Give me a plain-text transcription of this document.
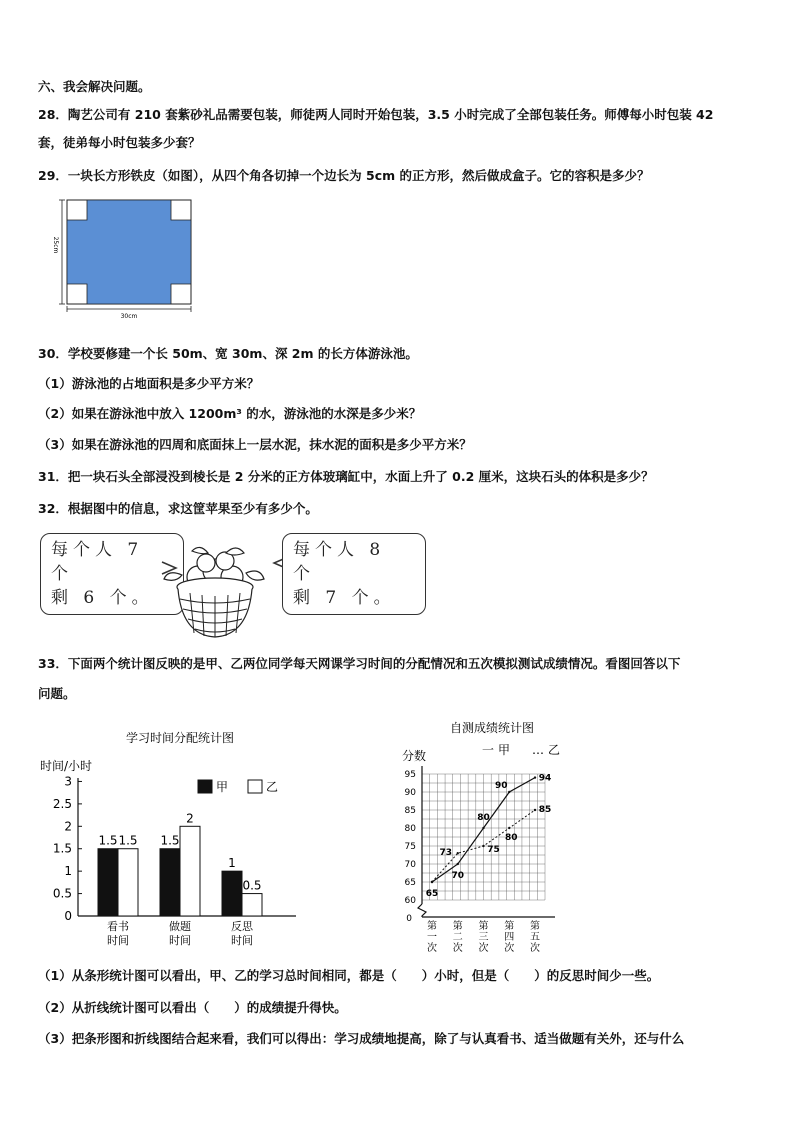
六、我会解决问题。
28．陶艺公司有 210 套紫砂礼品需要包装，师徒两人同时开始包装，3.5 小时完成了全部包装任务。师傅每小时包装 42
套，徒弟每小时包装多少套？
29．一块长方形铁皮（如图），从四个角各切掉一个边长为 5cm 的正方形，然后做成盒子。它的容积是多少？
25cm
30cm
30．学校要修建一个长 50m、宽 30m、深 2m 的长方体游泳池。
（1）游泳池的占地面积是多少平方米？
（2）如果在游泳池中放入 1200m³ 的水，游泳池的水深是多少米？
（3）如果在游泳池的四周和底面抹上一层水泥，抹水泥的面积是多少平方米？
31．把一块石头全部浸没到棱长是 2 分米的正方体玻璃缸中，水面上升了 0.2 厘米，这块石头的体积是多少？
32．根据图中的信息，求这筐苹果至少有多少个。
每个人 7 个
剩 6 个。
每个人 8 个
剩 7 个。
33．下面两个统计图反映的是甲、乙两位同学每天网课学习时间的分配情况和五次模拟测试成绩情况。看图回答以下
问题。
学习时间分配统计图
时间/小时
0
0.5
1
1.5
2
2.5
3	甲	乙
1.5 1.5
看书
时间
1.5
2
做题
时间
1
0.5
反思
时间
自测成绩统计图
分数	一 甲 … 乙
0
60
65
70
75
80
85
90
95
第
一
次
第
二
次
第
三
次
第
四
次
第
五
次
65
70
80
90
94
73	75
80
85
（1）从条形统计图可以看出，甲、乙的学习总时间相同，都是（　　）小时，但是（　　）的反思时间少一些。
（2）从折线统计图可以看出（　　）的成绩提升得快。
（3）把条形图和折线图结合起来看，我们可以得出：学习成绩地提高，除了与认真看书、适当做题有关外，还与什么
